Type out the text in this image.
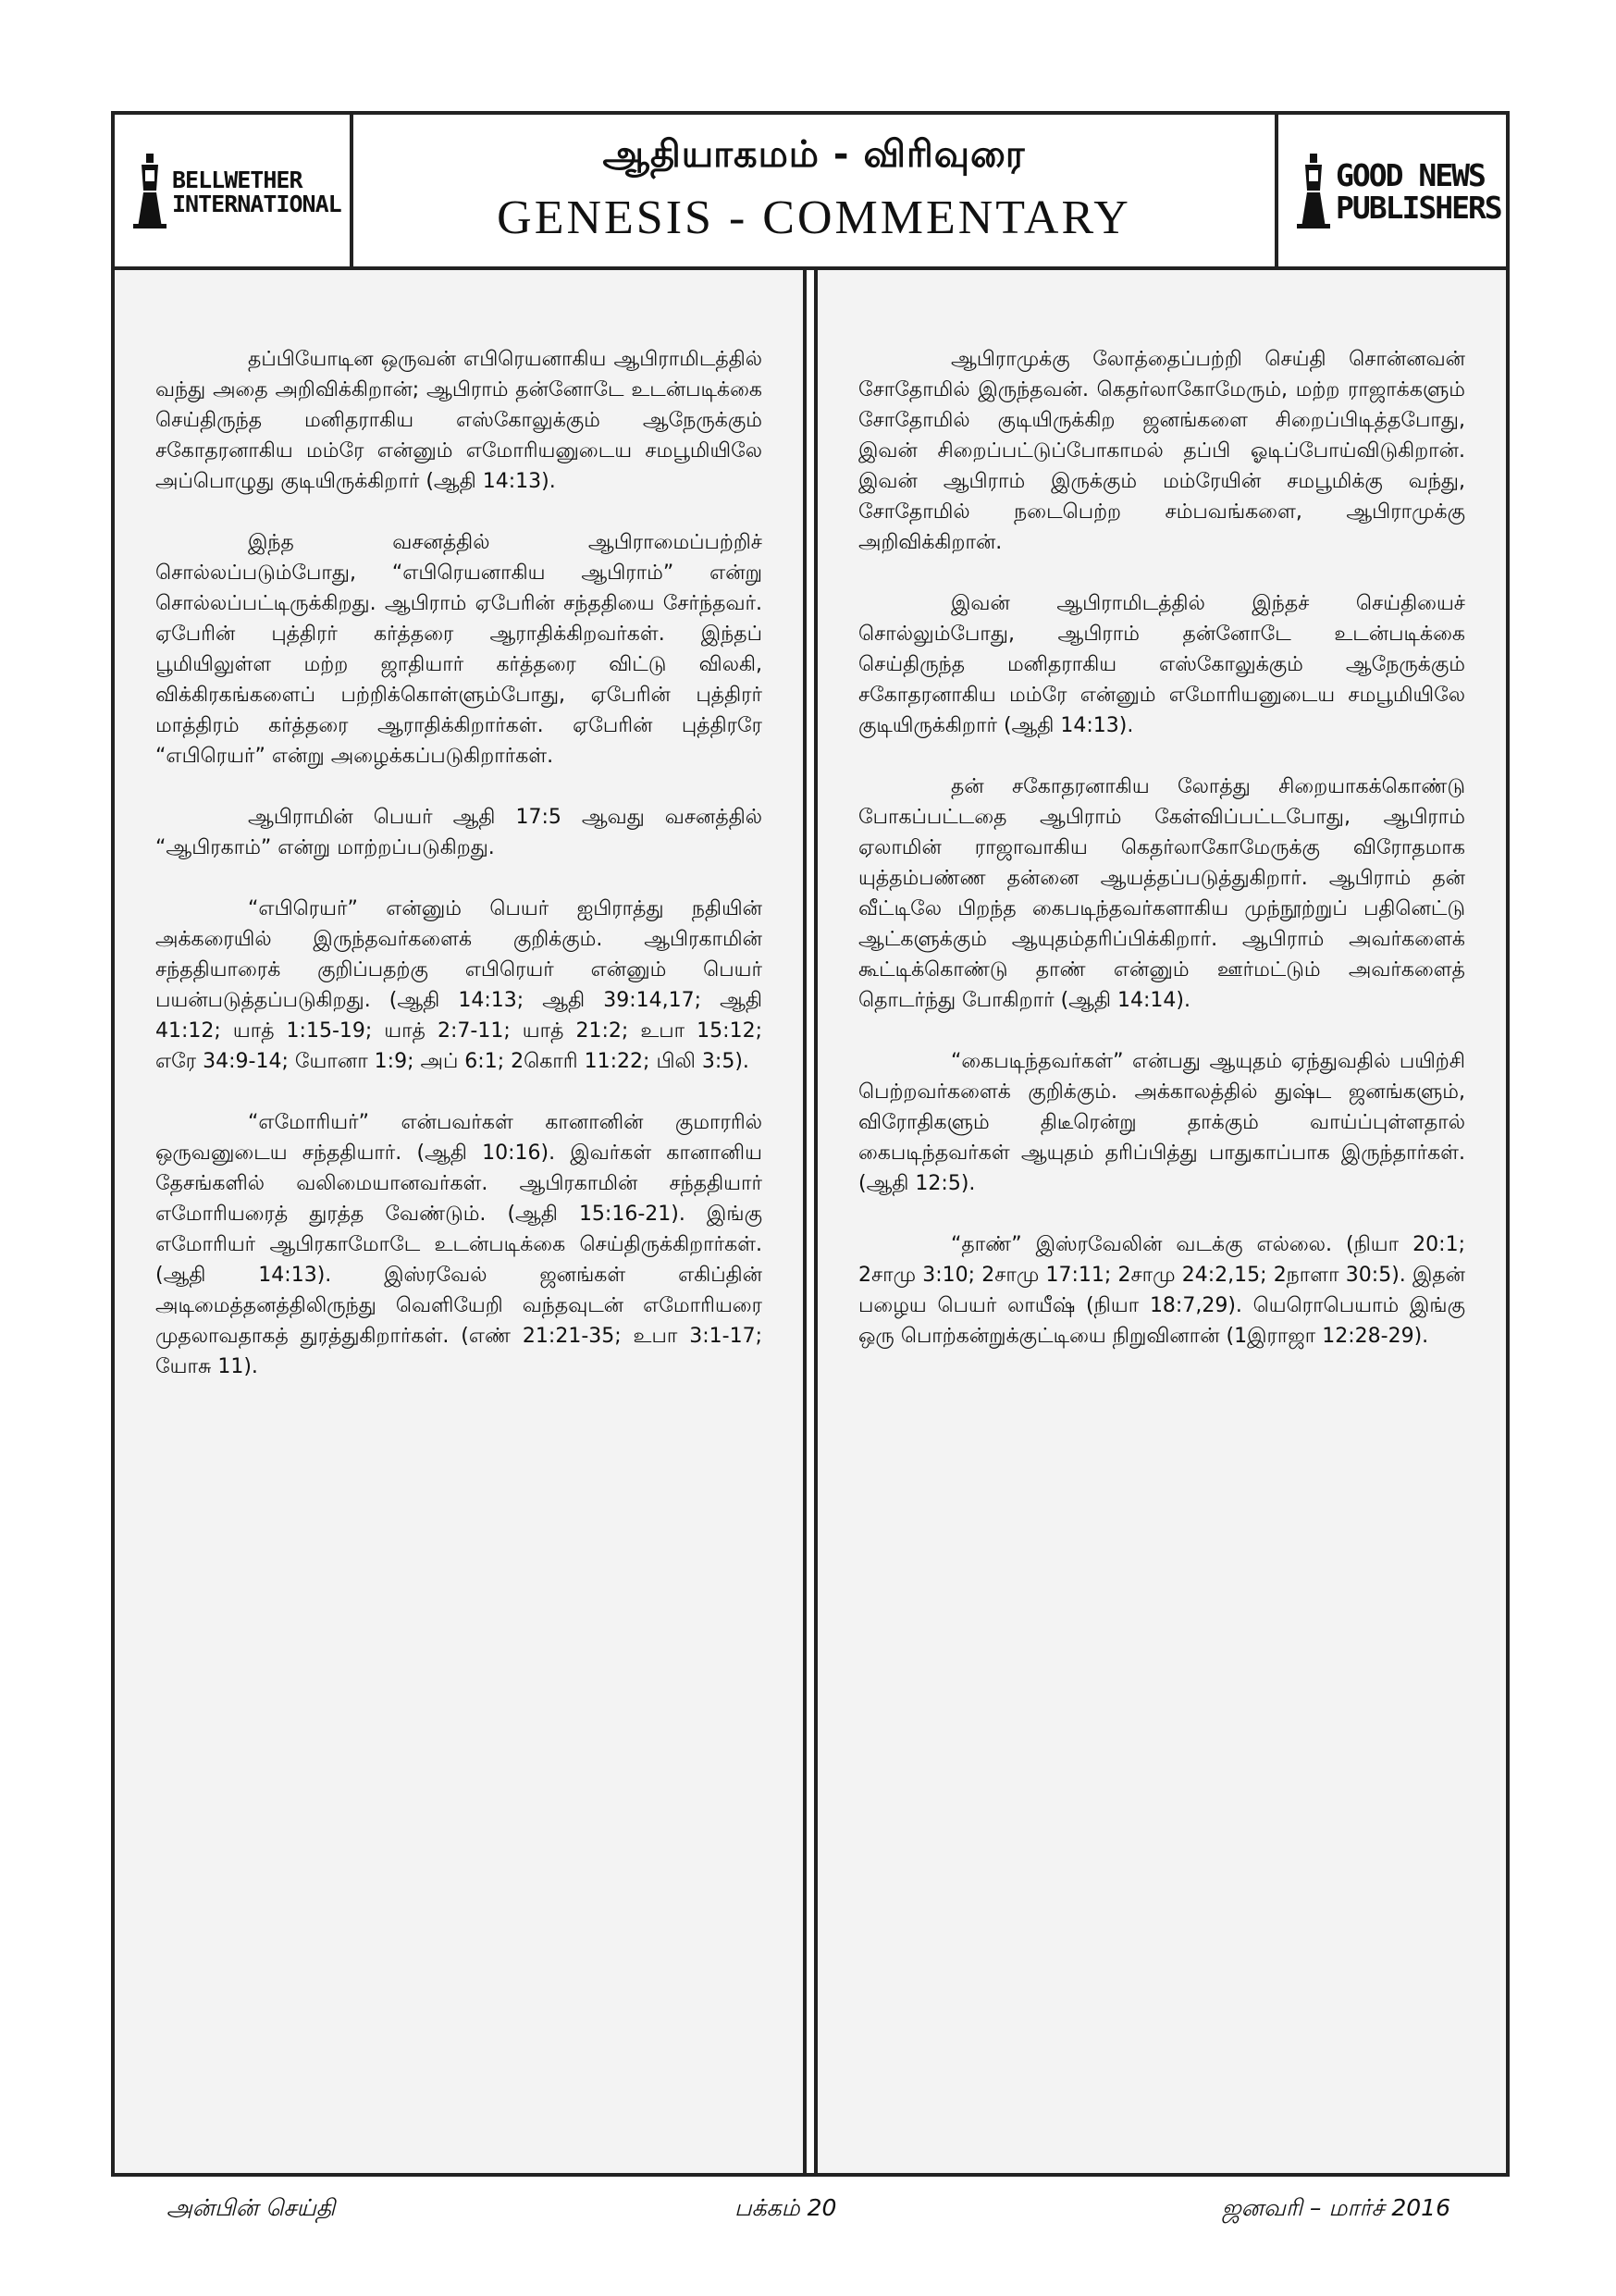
BELLWETHER
INTERNATIONAL
ஆதியாகமம் - விரிவுரை
GENESIS - COMMENTARY
GOOD NEWS
PUBLISHERS

தப்பியோடின ஒருவன் எபிரெயனாகிய ஆபிராமிடத்தில் வந்து அதை அறிவிக்கிறான்; ஆபிராம் தன்னோடே உடன்படிக்கை செய்திருந்த மனிதராகிய எஸ்கோலுக்கும் ஆநேருக்கும் சகோதரனாகிய மம்ரே என்னும் எமோரியனுடைய சமபூமியிலே அப்பொழுது குடியிருக்கிறார் (ஆதி 14:13).

இந்த வசனத்தில் ஆபிராமைப்பற்றிச் சொல்லப்படும்போது, “எபிரெயனாகிய ஆபிராம்” என்று சொல்லப்பட்டிருக்கிறது. ஆபிராம் ஏபேரின் சந்ததியை சேர்ந்தவர். ஏபேரின் புத்திரர் கர்த்தரை ஆராதிக்கிறவர்கள். இந்தப் பூமியிலுள்ள மற்ற ஜாதியார் கர்த்தரை விட்டு விலகி, விக்கிரகங்களைப் பற்றிக்கொள்ளும்போது, ஏபேரின் புத்திரர் மாத்திரம் கர்த்தரை ஆராதிக்கிறார்கள். ஏபேரின் புத்திரரே “எபிரெயர்” என்று அழைக்கப்படுகிறார்கள்.

ஆபிராமின் பெயர் ஆதி 17:5 ஆவது வசனத்தில் “ஆபிரகாம்” என்று மாற்றப்படுகிறது.

“எபிரெயர்” என்னும் பெயர் ஐபிராத்து நதியின் அக்கரையில் இருந்தவர்களைக் குறிக்கும். ஆபிரகாமின் சந்ததியாரைக் குறிப்பதற்கு எபிரெயர் என்னும் பெயர் பயன்படுத்தப்படுகிறது. (ஆதி 14:13; ஆதி 39:14,17; ஆதி 41:12; யாத் 1:15-19; யாத் 2:7-11; யாத் 21:2; உபா 15:12; எரே 34:9-14; யோனா 1:9; அப் 6:1; 2கொரி 11:22; பிலி 3:5).

“எமோரியர்” என்பவர்கள் கானானின் குமாரரில் ஒருவனுடைய சந்ததியார். (ஆதி 10:16). இவர்கள் கானானிய தேசங்களில் வலிமையானவர்கள். ஆபிரகாமின் சந்ததியார் எமோரியரைத் துரத்த வேண்டும். (ஆதி 15:16-21). இங்கு எமோரியர் ஆபிரகாமோடே உடன்படிக்கை செய்திருக்கிறார்கள். (ஆதி 14:13). இஸ்ரவேல் ஜனங்கள் எகிப்தின் அடிமைத்தனத்திலிருந்து வெளியேறி வந்தவுடன் எமோரியரை முதலாவதாகத் துரத்துகிறார்கள். (எண் 21:21-35; உபா 3:1-17; யோசு 11).

ஆபிராமுக்கு லோத்தைப்பற்றி செய்தி சொன்னவன் சோதோமில் இருந்தவன். கெதர்லாகோமேரும், மற்ற ராஜாக்களும் சோதோமில் குடியிருக்கிற ஜனங்களை சிறைப்பிடித்தபோது, இவன் சிறைப்பட்டுப்போகாமல் தப்பி ஓடிப்போய்விடுகிறான். இவன் ஆபிராம் இருக்கும் மம்ரேயின் சமபூமிக்கு வந்து, சோதோமில் நடைபெற்ற சம்பவங்களை, ஆபிராமுக்கு அறிவிக்கிறான்.

இவன் ஆபிராமிடத்தில் இந்தச் செய்தியைச் சொல்லும்போது, ஆபிராம் தன்னோடே உடன்படிக்கை செய்திருந்த மனிதராகிய எஸ்கோலுக்கும் ஆநேருக்கும் சகோதரனாகிய மம்ரே என்னும் எமோரியனுடைய சமபூமியிலே குடியிருக்கிறார் (ஆதி 14:13).

தன் சகோதரனாகிய லோத்து சிறையாகக்கொண்டு போகப்பட்டதை ஆபிராம் கேள்விப்பட்டபோது, ஆபிராம் ஏலாமின் ராஜாவாகிய கெதர்லாகோமேருக்கு விரோதமாக யுத்தம்பண்ண தன்னை ஆயத்தப்படுத்துகிறார். ஆபிராம் தன் வீட்டிலே பிறந்த கைபடிந்தவர்களாகிய முந்நூற்றுப் பதினெட்டு ஆட்களுக்கும் ஆயுதம்தரிப்பிக்கிறார். ஆபிராம் அவர்களைக் கூட்டிக்கொண்டு தாண் என்னும் ஊர்மட்டும் அவர்களைத் தொடர்ந்து போகிறார் (ஆதி 14:14).

“கைபடிந்தவர்கள்” என்பது ஆயுதம் ஏந்துவதில் பயிற்சி பெற்றவர்களைக் குறிக்கும். அக்காலத்தில் துஷ்ட ஜனங்களும், விரோதிகளும் திடீரென்று தாக்கும் வாய்ப்புள்ளதால் கைபடிந்தவர்கள் ஆயுதம் தரிப்பித்து பாதுகாப்பாக இருந்தார்கள். (ஆதி 12:5).

“தாண்” இஸ்ரவேலின் வடக்கு எல்லை. (நியா 20:1; 2சாமு 3:10; 2சாமு 17:11; 2சாமு 24:2,15; 2நாளா 30:5). இதன் பழைய பெயர் லாயீஷ் (நியா 18:7,29). யெரொபெயாம் இங்கு ஒரு பொற்கன்றுக்குட்டியை நிறுவினான் (1இராஜா 12:28-29).

அன்பின் செய்தி	பக்கம் 20	ஜனவரி – மார்ச் 2016
